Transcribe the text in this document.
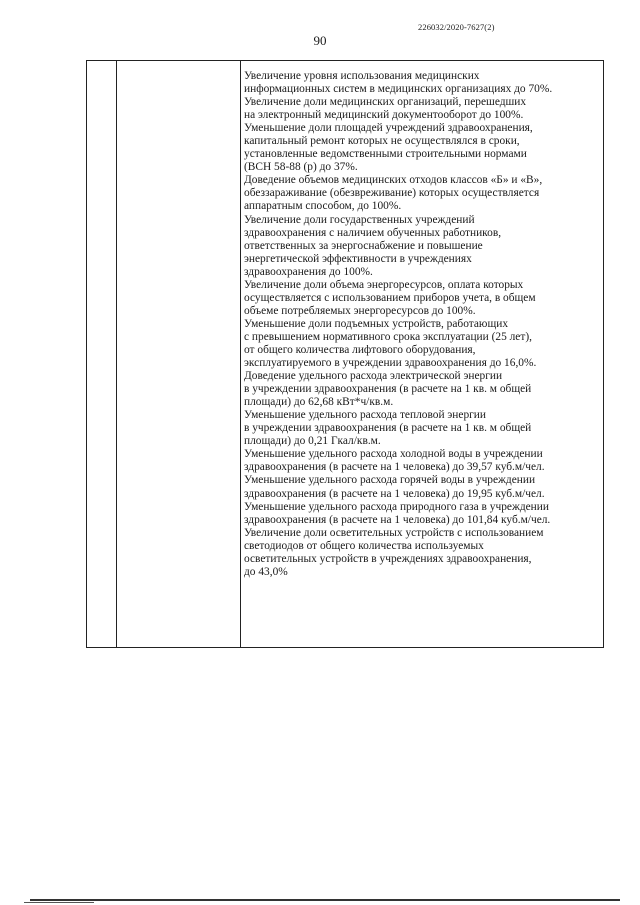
226032/2020-7627(2)
90
Увеличение уровня использования медицинских
информационных систем в медицинских организациях до 70%.
Увеличение доли медицинских организаций, перешедших
на электронный медицинский документооборот до 100%.
Уменьшение доли площадей учреждений здравоохранения,
капитальный ремонт которых не осуществлялся в сроки,
установленные ведомственными строительными нормами
(ВСН 58-88 (р) до 37%.
Доведение объемов медицинских отходов классов «Б» и «В»,
обеззараживание (обезвреживание) которых осуществляется
аппаратным способом, до 100%.
Увеличение доли государственных учреждений
здравоохранения с наличием обученных работников,
ответственных за энергоснабжение и повышение
энергетической эффективности в учреждениях
здравоохранения до 100%.
Увеличение доли объема энергоресурсов, оплата которых
осуществляется с использованием приборов учета, в общем
объеме потребляемых энергоресурсов до 100%.
Уменьшение доли подъемных устройств, работающих
с превышением нормативного срока эксплуатации (25 лет),
от общего количества лифтового оборудования,
эксплуатируемого в учреждении здравоохранения до 16,0%.
Доведение удельного расхода электрической энергии
в учреждении здравоохранения (в расчете на 1 кв. м общей
площади) до 62,68 кВт*ч/кв.м.
Уменьшение удельного расхода тепловой энергии
в учреждении здравоохранения (в расчете на 1 кв. м общей
площади) до 0,21 Гкал/кв.м.
Уменьшение удельного расхода холодной воды в учреждении
здравоохранения (в расчете на 1 человека) до 39,57 куб.м/чел.
Уменьшение удельного расхода горячей воды в учреждении
здравоохранения (в расчете на 1 человека) до 19,95 куб.м/чел.
Уменьшение удельного расхода природного газа в учреждении
здравоохранения (в расчете на 1 человека) до 101,84 куб.м/чел.
Увеличение доли осветительных устройств с использованием
светодиодов от общего количества используемых
осветительных устройств в учреждениях здравоохранения,
до 43,0%
